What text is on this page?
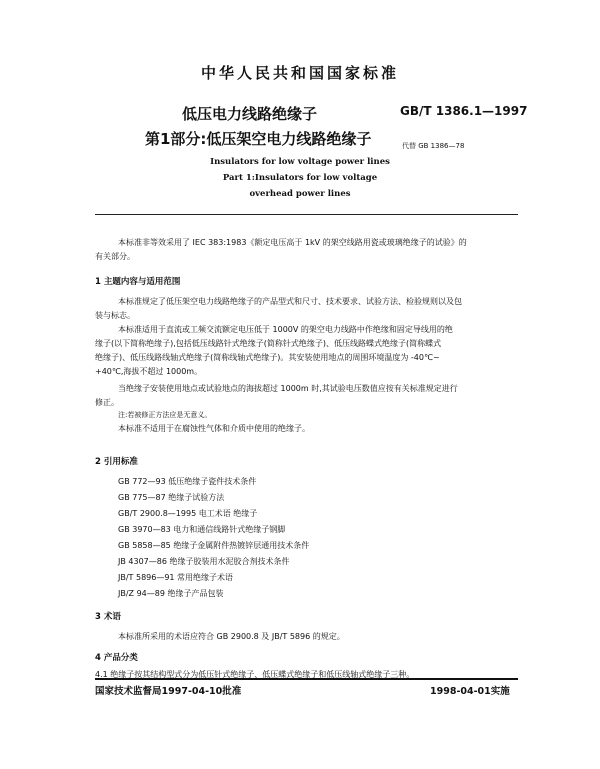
中华人民共和国国家标准
低压电力线路绝缘子
第1部分:低压架空电力线路绝缘子
GB/T 1386.1—1997
代替 GB 1386—78
Insulators for low voltage power lines
Part 1:Insulators for low voltage
overhead power lines
本标准非等效采用了 IEC 383:1983《额定电压高于 1kV 的架空线路用瓷或玻璃绝缘子的试验》的
有关部分。
1 主题内容与适用范围
本标准规定了低压架空电力线路绝缘子的产品型式和尺寸、技术要求、试验方法、检验规则以及包
装与标志。
本标准适用于直流或工频交流额定电压低于 1000V 的架空电力线路中作绝缘和固定导线用的绝
缘子(以下简称绝缘子),包括低压线路针式绝缘子(简称针式绝缘子)、低压线路蝶式绝缘子(简称蝶式
绝缘子)、低压线路线轴式绝缘子(简称线轴式绝缘子)。其安装使用地点的周围环境温度为 -40℃~
+40℃,海拔不超过 1000m。
当绝缘子安装使用地点或试验地点的海拔超过 1000m 时,其试验电压数值应按有关标准规定进行
修正。
注:若被修正方法应是无意义。
本标准不适用于在腐蚀性气体和介质中使用的绝缘子。
2 引用标准
GB 772—93 低压绝缘子瓷件技术条件
GB 775—87 绝缘子试验方法
GB/T 2900.8—1995 电工术语 绝缘子
GB 3970—83 电力和通信线路针式绝缘子钢脚
GB 5858—85 绝缘子金属附件热镀锌层通用技术条件
JB 4307—86 绝缘子胶装用水泥胶合剂技术条件
JB/T 5896—91 常用绝缘子术语
JB/Z 94—89 绝缘子产品包装
3 术语
本标准所采用的术语应符合 GB 2900.8 及 JB/T 5896 的规定。
4 产品分类
4.1 绝缘子按其结构型式分为低压针式绝缘子、低压蝶式绝缘子和低压线轴式绝缘子三种。
国家技术监督局1997-04-10批准	1998-04-01实施
